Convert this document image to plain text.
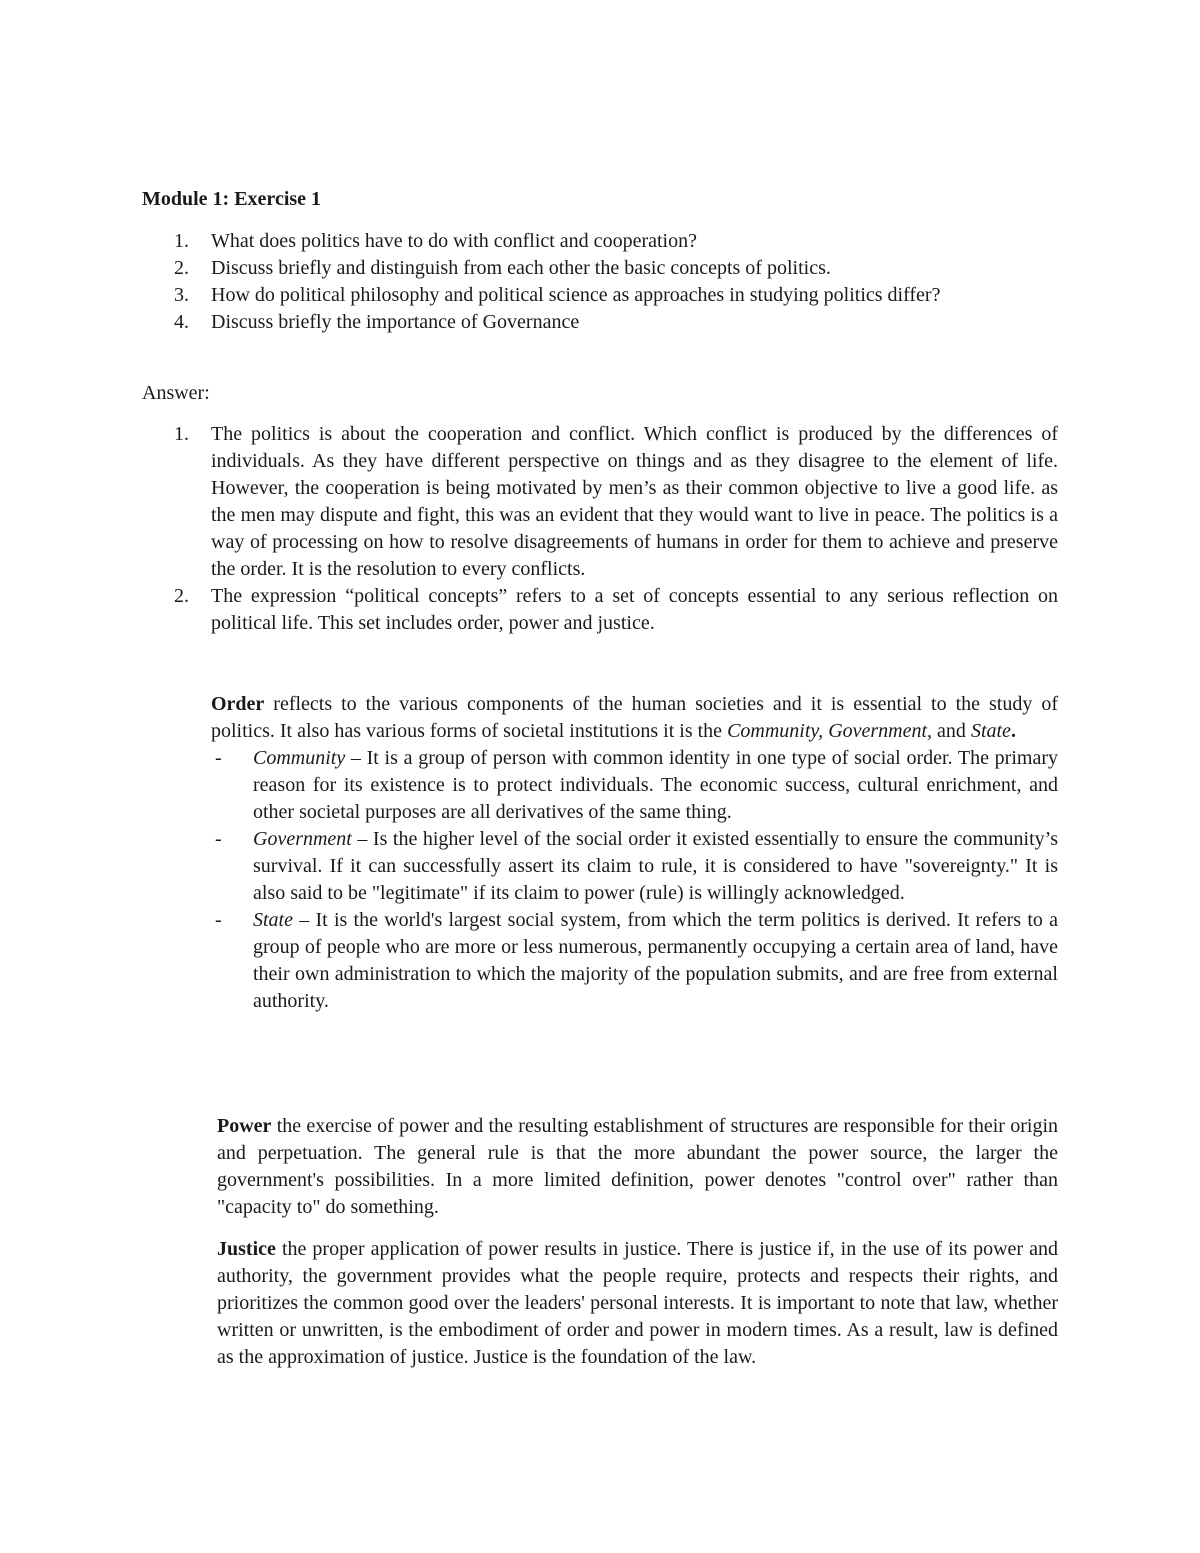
Module 1: Exercise 1
1. What does politics have to do with conflict and cooperation?
2. Discuss briefly and distinguish from each other the basic concepts of politics.
3. How do political philosophy and political science as approaches in studying politics differ?
4. Discuss briefly the importance of Governance
Answer:
1. The politics is about the cooperation and conflict. Which conflict is produced by the differences of individuals. As they have different perspective on things and as they disagree to the element of life. However, the cooperation is being motivated by men’s as their common objective to live a good life. as the men may dispute and fight, this was an evident that they would want to live in peace. The politics is a way of processing on how to resolve disagreements of humans in order for them to achieve and preserve the order. It is the resolution to every conflicts.
2. The expression “political concepts” refers to a set of concepts essential to any serious reflection on political life. This set includes order, power and justice.

Order reflects to the various components of the human societies and it is essential to the study of politics. It also has various forms of societal institutions it is the Community, Government, and State.

- Community – It is a group of person with common identity in one type of social order. The primary reason for its existence is to protect individuals. The economic success, cultural enrichment, and other societal purposes are all derivatives of the same thing.
- Government – Is the higher level of the social order it existed essentially to ensure the community’s survival. If it can successfully assert its claim to rule, it is considered to have "sovereignty." It is also said to be "legitimate" if its claim to power (rule) is willingly acknowledged.
- State – It is the world's largest social system, from which the term politics is derived. It refers to a group of people who are more or less numerous, permanently occupying a certain area of land, have their own administration to which the majority of the population submits, and are free from external authority.
Power the exercise of power and the resulting establishment of structures are responsible for their origin and perpetuation. The general rule is that the more abundant the power source, the larger the government's possibilities. In a more limited definition, power denotes "control over" rather than "capacity to" do something.
Justice the proper application of power results in justice. There is justice if, in the use of its power and authority, the government provides what the people require, protects and respects their rights, and prioritizes the common good over the leaders' personal interests. It is important to note that law, whether written or unwritten, is the embodiment of order and power in modern times. As a result, law is defined as the approximation of justice. Justice is the foundation of the law.
